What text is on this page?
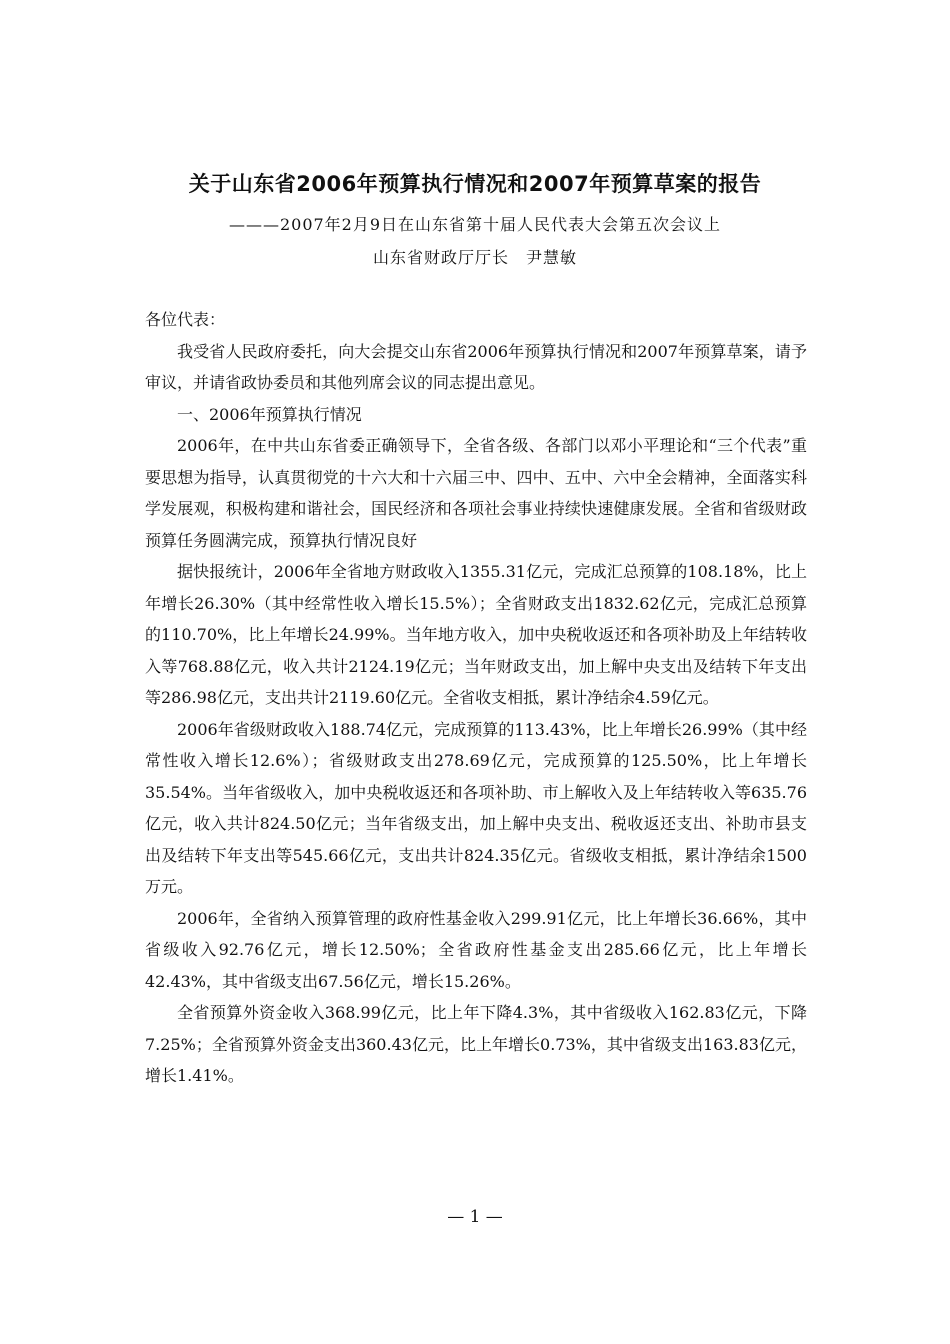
关于山东省2006年预算执行情况和2007年预算草案的报告
———2007年2月9日在山东省第十届人民代表大会第五次会议上
山东省财政厅厅长　尹慧敏

各位代表：

我受省人民政府委托，向大会提交山东省2006年预算执行情况和2007年预算草案，请予审议，并请省政协委员和其他列席会议的同志提出意见。

一、2006年预算执行情况

2006年，在中共山东省委正确领导下，全省各级、各部门以邓小平理论和“三个代表”重要思想为指导，认真贯彻党的十六大和十六届三中、四中、五中、六中全会精神，全面落实科学发展观，积极构建和谐社会，国民经济和各项社会事业持续快速健康发展。全省和省级财政预算任务圆满完成，预算执行情况良好

据快报统计，2006年全省地方财政收入1355.31亿元，完成汇总预算的108.18%，比上年增长26.30%（其中经常性收入增长15.5%）；全省财政支出1832.62亿元，完成汇总预算的110.70%，比上年增长24.99%。当年地方收入，加中央税收返还和各项补助及上年结转收入等768.88亿元，收入共计2124.19亿元；当年财政支出，加上解中央支出及结转下年支出等286.98亿元，支出共计2119.60亿元。全省收支相抵，累计净结余4.59亿元。

2006年省级财政收入188.74亿元，完成预算的113.43%，比上年增长26.99%（其中经常性收入增长12.6%）；省级财政支出278.69亿元，完成预算的125.50%，比上年增长35.54%。当年省级收入，加中央税收返还和各项补助、市上解收入及上年结转收入等635.76亿元，收入共计824.50亿元；当年省级支出，加上解中央支出、税收返还支出、补助市县支出及结转下年支出等545.66亿元，支出共计824.35亿元。省级收支相抵，累计净结余1500万元。

2006年，全省纳入预算管理的政府性基金收入299.91亿元，比上年增长36.66%，其中省级收入92.76亿元，增长12.50%；全省政府性基金支出285.66亿元，比上年增长42.43%，其中省级支出67.56亿元，增长15.26%。

全省预算外资金收入368.99亿元，比上年下降4.3%，其中省级收入162.83亿元，下降7.25%；全省预算外资金支出360.43亿元，比上年增长0.73%，其中省级支出163.83亿元，增长1.41%。

— 1 —
